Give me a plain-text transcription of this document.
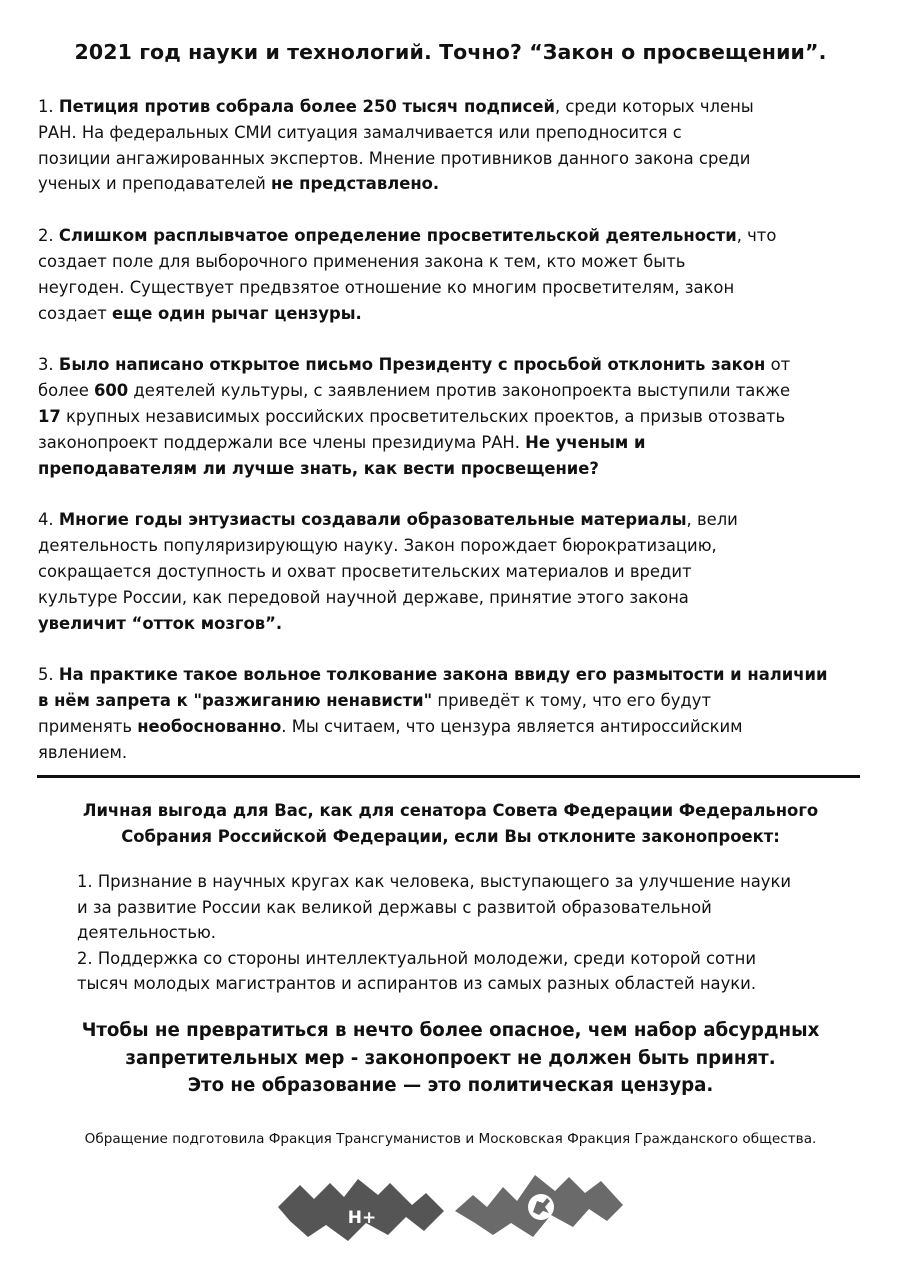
2021 год науки и технологий. Точно? “Закон о просвещении”.
1. Петиция против собрала более 250 тысяч подписей, среди которых члены
РАН. На федеральных СМИ ситуация замалчивается или преподносится с
позиции ангажированных экспертов. Мнение противников данного закона среди
ученых и преподавателей не представлено.
2. Слишком расплывчатое определение просветительской деятельности, что
создает поле для выборочного применения закона к тем, кто может быть
неугоден. Существует предвзятое отношение ко многим просветителям, закон
создает еще один рычаг цензуры.
3. Было написано открытое письмо Президенту с просьбой отклонить закон от
более 600 деятелей культуры, с заявлением против законопроекта выступили также
17 крупных независимых российских просветительских проектов, а призыв отозвать
законопроект поддержали все члены президиума РАН. Не ученым и
преподавателям ли лучше знать, как вести просвещение?
4. Многие годы энтузиасты создавали образовательные материалы, вели
деятельность популяризирующую науку. Закон порождает бюрократизацию,
сокращается доступность и охват просветительских материалов и вредит
культуре России, как передовой научной державе, принятие этого закона
увеличит “отток мозгов”.
5. На практике такое вольное толкование закона ввиду его размытости и наличии
в нём запрета к "разжиганию ненависти" приведёт к тому, что его будут
применять необоснованно. Мы считаем, что цензура является антироссийским
явлением.
Личная выгода для Вас, как для сенатора Совета Федерации Федерального
Собрания Российской Федерации, если Вы отклоните законопроект:
1. Признание в научных кругах как человека, выступающего за улучшение науки
и за развитие России как великой державы с развитой образовательной
деятельностью.
2. Поддержка со стороны интеллектуальной молодежи, среди которой сотни
тысяч молодых магистрантов и аспирантов из самых разных областей науки.
Чтобы не превратиться в нечто более опасное, чем набор абсурдных
запретительных мер - законопроект не должен быть принят.
Это не образование — это политическая цензура.
Обращение подготовила Фракция Трансгуманистов и Московская Фракция Гражданского общества.
H+
